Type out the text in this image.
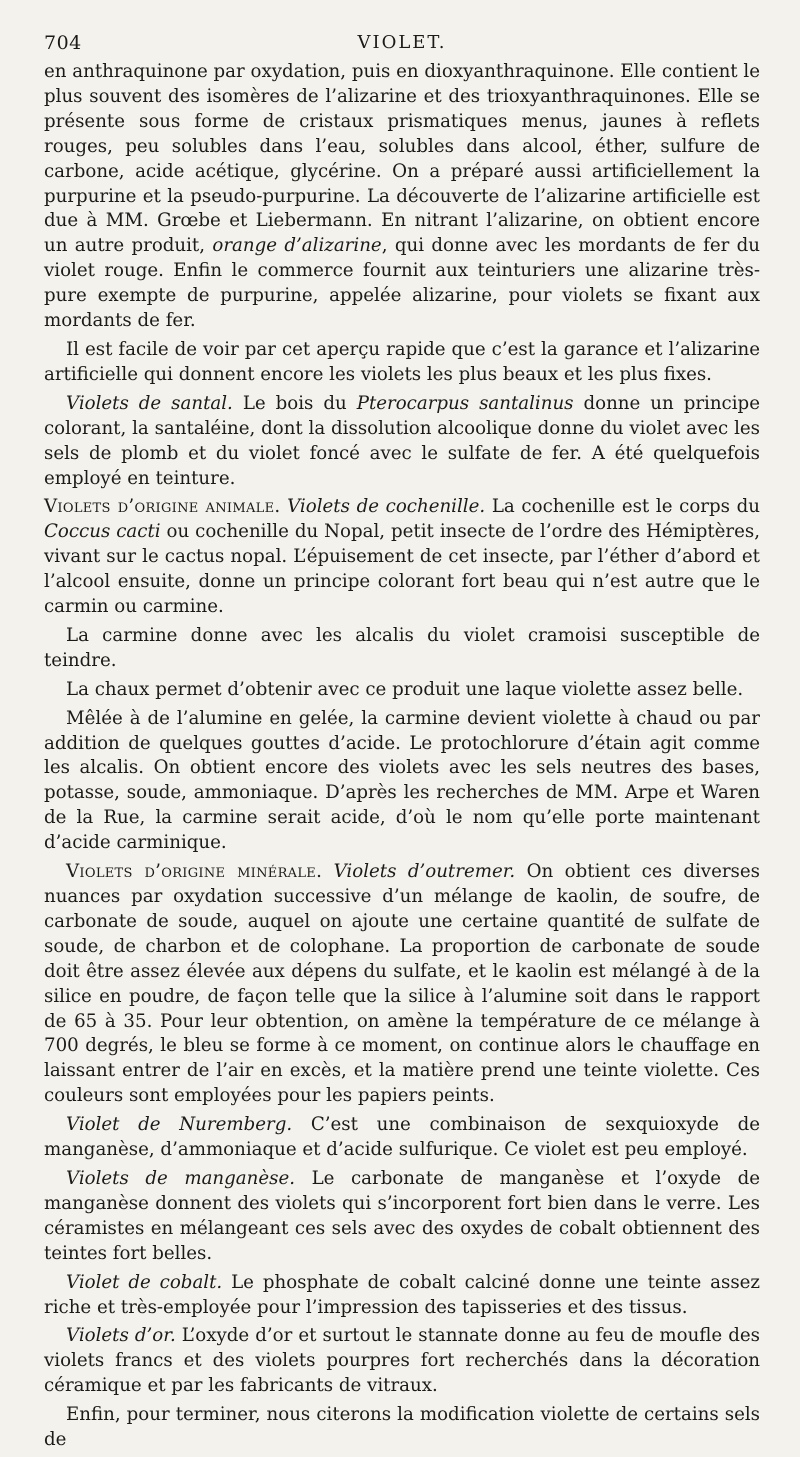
704	VIOLET.

en anthraquinone par oxydation, puis en dioxyanthraquinone. Elle contient le plus souvent des isomères de l’alizarine et des trioxyanthraquinones. Elle se présente sous forme de cristaux prismatiques menus, jaunes à reflets rouges, peu solubles dans l’eau, solubles dans alcool, éther, sulfure de carbone, acide acétique, glycérine. On a préparé aussi artificiellement la purpurine et la pseudo-purpurine. La découverte de l’alizarine artificielle est due à MM. Grœbe et Liebermann. En nitrant l’alizarine, on obtient encore un autre produit, orange d’alizarine, qui donne avec les mordants de fer du violet rouge. Enfin le commerce fournit aux teinturiers une alizarine très-pure exempte de purpurine, appelée alizarine, pour violets se fixant aux mordants de fer.

Il est facile de voir par cet aperçu rapide que c’est la garance et l’alizarine artificielle qui donnent encore les violets les plus beaux et les plus fixes.

Violets de santal. Le bois du Pterocarpus santalinus donne un principe colorant, la santaléine, dont la dissolution alcoolique donne du violet avec les sels de plomb et du violet foncé avec le sulfate de fer. A été quelquefois employé en teinture.

Violets d’origine animale. Violets de cochenille. La cochenille est le corps du Coccus cacti ou cochenille du Nopal, petit insecte de l’ordre des Hémiptères, vivant sur le cactus nopal. L’épuisement de cet insecte, par l’éther d’abord et l’alcool ensuite, donne un principe colorant fort beau qui n’est autre que le carmin ou carmine.

La carmine donne avec les alcalis du violet cramoisi susceptible de teindre.

La chaux permet d’obtenir avec ce produit une laque violette assez belle.

Mêlée à de l’alumine en gelée, la carmine devient violette à chaud ou par addition de quelques gouttes d’acide. Le protochlorure d’étain agit comme les alcalis. On obtient encore des violets avec les sels neutres des bases, potasse, soude, ammoniaque. D’après les recherches de MM. Arpe et Waren de la Rue, la carmine serait acide, d’où le nom qu’elle porte maintenant d’acide carminique.

Violets d’origine minérale. Violets d’outremer. On obtient ces diverses nuances par oxydation successive d’un mélange de kaolin, de soufre, de carbonate de soude, auquel on ajoute une certaine quantité de sulfate de soude, de charbon et de colophane. La proportion de carbonate de soude doit être assez élevée aux dépens du sulfate, et le kaolin est mélangé à de la silice en poudre, de façon telle que la silice à l’alumine soit dans le rapport de 65 à 35. Pour leur obtention, on amène la température de ce mélange à 700 degrés, le bleu se forme à ce moment, on continue alors le chauffage en laissant entrer de l’air en excès, et la matière prend une teinte violette. Ces couleurs sont employées pour les papiers peints.

Violet de Nuremberg. C’est une combinaison de sexquioxyde de manganèse, d’ammoniaque et d’acide sulfurique. Ce violet est peu employé.

Violets de manganèse. Le carbonate de manganèse et l’oxyde de manganèse donnent des violets qui s’incorporent fort bien dans le verre. Les céramistes en mélangeant ces sels avec des oxydes de cobalt obtiennent des teintes fort belles.

Violet de cobalt. Le phosphate de cobalt calciné donne une teinte assez riche et très-employée pour l’impression des tapisseries et des tissus.

Violets d’or. L’oxyde d’or et surtout le stannate donne au feu de moufle des violets francs et des violets pourpres fort recherchés dans la décoration céramique et par les fabricants de vitraux.

Enfin, pour terminer, nous citerons la modification violette de certains sels de
